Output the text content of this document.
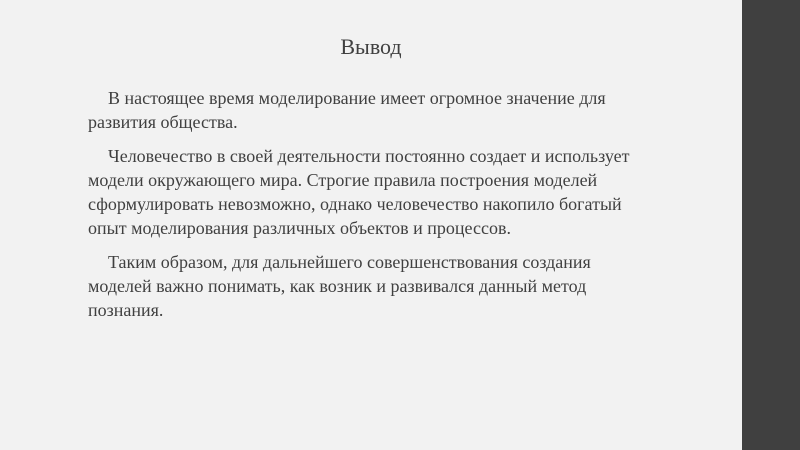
Вывод

В настоящее время моделирование имеет огромное значение для развития общества.

Человечество в своей деятельности постоянно создает и использует модели окружающего мира. Строгие правила построения моделей сформулировать невозможно, однако человечество накопило богатый опыт моделирования различных объектов и процессов.

Таким образом, для дальнейшего совершенствования создания моделей важно понимать, как возник и развивался данный метод познания.
